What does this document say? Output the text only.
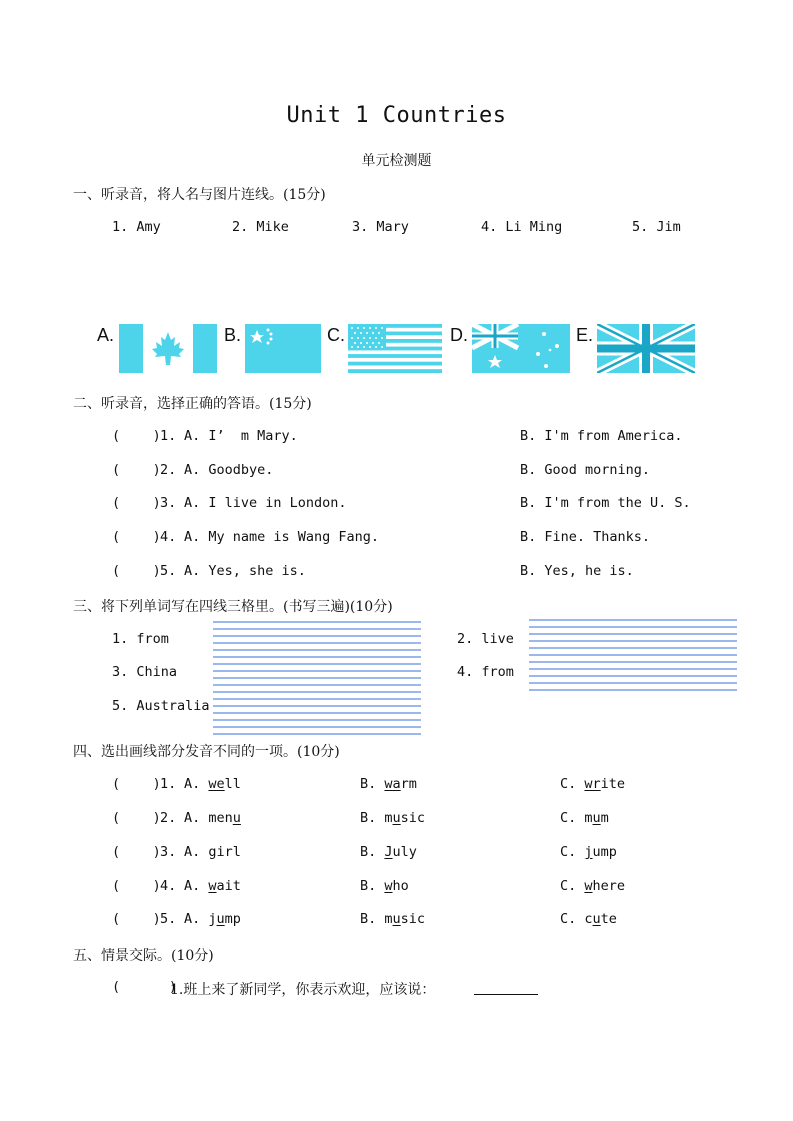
Unit 1 Countries
单元检测题
一、听录音，将人名与图片连线。(15分)
1. Amy	2. Mike	3. Mary	4. Li Ming	5. Jim
A.	B.	C.	D.	E.
二、听录音，选择正确的答语。(15分)
(    ) 1. A. I’  m Mary.	B. I'm from America.
(    ) 2. A. Goodbye.	B. Good morning.
(    ) 3. A. I live in London.	B. I'm from the U. S.
(    ) 4. A. My name is Wang Fang.	B. Fine. Thanks.
(    ) 5. A. Yes, she is.	B. Yes, he is.
三、将下列单词写在四线三格里。(书写三遍)(10分)
1. from	2. live
3. China	4. from
5. Australia
四、选出画线部分发音不同的一项。(10分)
(    ) 1. A. well	B. warm	C. write
(    ) 2. A. menu	B. music	C. mum
(    ) 3. A. girl	B. July	C. jump
(    ) 4. A. wait	B. who	C. where
(    ) 5. A. jump	B. music	C. cute
五、情景交际。(10分)
(      )
1.班上来了新同学，你表示欢迎，应该说：
